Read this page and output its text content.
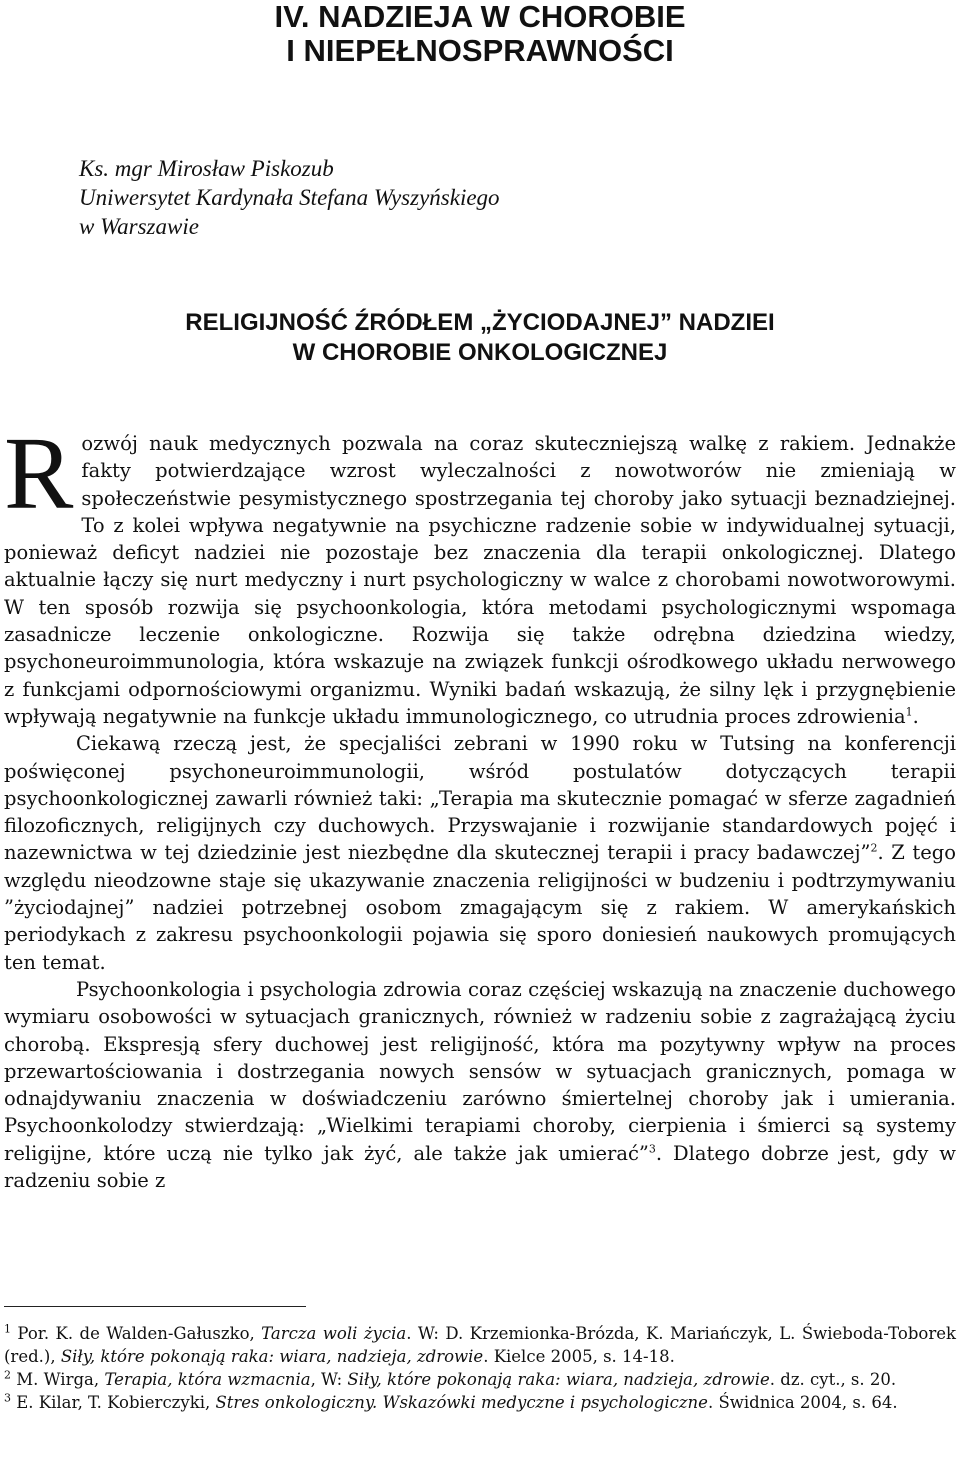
IV. NADZIEJA W CHOROBIE
I NIEPEŁNOSPRAWNOŚCI

Ks. mgr Mirosław Piskozub

Uniwersytet Kardynała Stefana Wyszyńskiego

w Warszawie

RELIGIJNOŚĆ ŹRÓDŁEM „ŻYCIODAJNEJ” NADZIEI
W CHOROBIE ONKOLOGICZNEJ

Rozwój nauk medycznych pozwala na coraz skuteczniejszą walkę z rakiem. Jednakże fakty potwierdzające wzrost wyleczalności z nowotworów nie zmieniają w społeczeństwie pesymistycznego spostrzegania tej choroby jako sytuacji beznadziejnej. To z kolei wpływa negatywnie na psychiczne radzenie sobie w indywidualnej sytuacji, ponieważ deficyt nadziei nie pozostaje bez znaczenia dla terapii onkologicznej. Dlatego aktualnie łączy się nurt medyczny i nurt psychologiczny w walce z chorobami nowotworowymi. W ten sposób rozwija się psychoonkologia, która metodami psychologicznymi wspomaga zasadnicze leczenie onkologiczne. Rozwija się także odrębna dziedzina wiedzy, psychoneuroimmunologia, która wskazuje na związek funkcji ośrodkowego układu nerwowego z funkcjami odpornościowymi organizmu. Wyniki badań wskazują, że silny lęk i przygnębienie wpływają negatywnie na funkcje układu immunologicznego, co utrudnia proces zdrowienia$^1$.

Ciekawą rzeczą jest, że specjaliści zebrani w 1990 roku w Tutsing na konferencji poświęconej psychoneuroimmunologii, wśród postulatów dotyczących terapii psychoonkologicznej zawarli również taki: „Terapia ma skutecznie pomagać w sferze zagadnień filozoficznych, religijnych czy duchowych. Przyswajanie i rozwijanie standardowych pojęć i nazewnictwa w tej dziedzinie jest niezbędne dla skutecznej terapii i pracy badawczej”$^2$. Z tego względu nieodzowne staje się ukazywanie znaczenia religijności w budzeniu i podtrzymywaniu ”życiodajnej” nadziei potrzebnej osobom zmagającym się z rakiem. W amerykańskich periodykach z zakresu psychoonkologii pojawia się sporo doniesień naukowych promujących ten temat.

Psychoonkologia i psychologia zdrowia coraz częściej wskazują na znaczenie duchowego wymiaru osobowości w sytuacjach granicznych, również w radzeniu sobie z zagrażającą życiu chorobą. Ekspresją sfery duchowej jest religijność, która ma pozytywny wpływ na proces przewartościowania i dostrzegania nowych sensów w sytuacjach granicznych, pomaga w odnajdywaniu znaczenia w doświadczeniu zarówno śmiertelnej choroby jak i umierania. Psychoonkolodzy stwierdzają: „Wielkimi terapiami choroby, cierpienia i śmierci są systemy religijne, które uczą nie tylko jak żyć, ale także jak umierać”$^3$. Dlatego dobrze jest, gdy w radzeniu sobie z

$^1$ Por. K. de Walden-Gałuszko, Tarcza woli życia. W: D. Krzemionka-Brózda, K. Mariańczyk, L. Świeboda-Toborek (red.), Siły, które pokonają raka: wiara, nadzieja, zdrowie. Kielce 2005, s. 14-18.

$^2$ M. Wirga, Terapia, która wzmacnia, W: Siły, które pokonają raka: wiara, nadzieja, zdrowie. dz. cyt., s. 20.

$^3$ E. Kilar, T. Kobierczyki, Stres onkologiczny. Wskazówki medyczne i psychologiczne. Świdnica 2004, s. 64.
